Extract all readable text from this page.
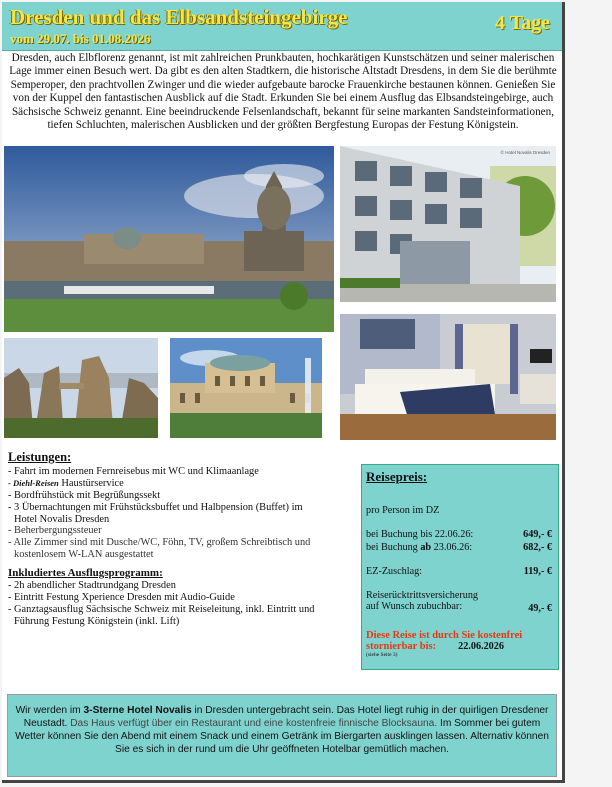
Dresden und das Elbsandsteingebirge
vom 29.07. bis 01.08.2026
4 Tage
Dresden, auch Elbflorenz genannt, ist mit zahlreichen Prunkbauten, hochkarätigen Kunstschätzen und seiner malerischen Lage immer einen Besuch wert. Da gibt es den alten Stadtkern, die historische Altstadt Dresdens, in dem Sie die berühmte Semperoper, den prachtvollen Zwinger und die wieder aufgebaute barocke Frauenkirche bestaunen können. Genießen Sie von der Kuppel den fantastischen Ausblick auf die Stadt. Erkunden Sie bei einem Ausflug das Elbsandsteingebirge, auch Sächsische Schweiz genannt. Eine beeindruckende Felsenlandschaft, bekannt für seine markanten Sandsteinformationen, tiefen Schluchten, malerischen Ausblicken und der größten Bergfestung Europas der Festung Königstein.
© Hotel Novalis Dresden
Leistungen:
- Fahrt im modernen Fernreisebus mit WC und Klimaanlage
- Diehl-Reisen Haustürservice
- Bordfrühstück mit Begrüßungssekt
- 3 Übernachtungen mit Frühstücksbuffet und Halbpension (Buffet) im
Hotel Novalis Dresden
- Beherbergungssteuer
- Alle Zimmer sind mit Dusche/WC, Föhn, TV, großem Schreibtisch und
kostenlosem W-LAN ausgestattet
Inkludiertes Ausflugsprogramm:
- 2h abendlicher Stadtrundgang Dresden
- Eintritt Festung Xperience Dresden mit Audio-Guide
- Ganztagsausflug Sächsische Schweiz mit Reiseleitung, inkl. Eintritt und
Führung Festung Königstein (inkl. Lift)
Reisepreis:
pro Person im DZ
bei Buchung bis 22.06.26:	649,- €
bei Buchung ab 23.06.26:	682,- €
EZ-Zuschlag:	119,- €
Reiserücktrittsversicherung
auf Wunsch zubuchbar:	49,- €
Diese Reise ist durch Sie kostenfrei
stornierbar bis: 22.06.2026
(siehe Seite 3)
Wir werden im 3-Sterne Hotel Novalis in Dresden untergebracht sein. Das Hotel liegt ruhig in der quirligen Dresdener Neustadt. Das Haus verfügt über ein Restaurant und eine kostenfreie finnische Blocksauna. Im Sommer bei gutem Wetter können Sie den Abend mit einem Snack und einem Getränk im Biergarten ausklingen lassen. Alternativ können Sie es sich in der rund um die Uhr geöffneten Hotelbar gemütlich machen.
